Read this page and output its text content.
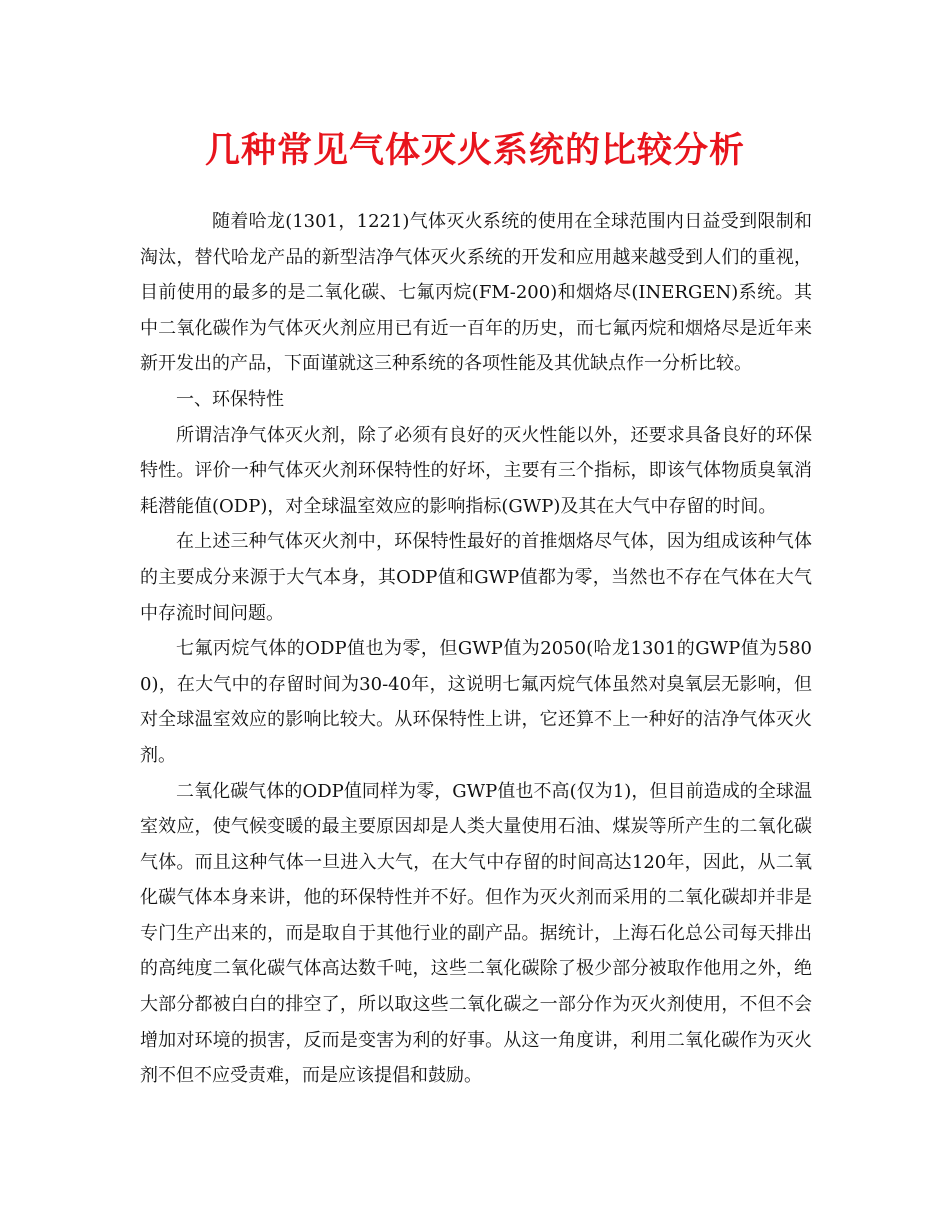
几种常见气体灭火系统的比较分析

随着哈龙(1301，1221)气体灭火系统的使用在全球范围内日益受到限制和淘汰，替代哈龙产品的新型洁净气体灭火系统的开发和应用越来越受到人们的重视，目前使用的最多的是二氧化碳、七氟丙烷(FM-200)和烟烙尽(INERGEN)系统。其中二氧化碳作为气体灭火剂应用已有近一百年的历史，而七氟丙烷和烟烙尽是近年来新开发出的产品，下面谨就这三种系统的各项性能及其优缺点作一分析比较。

一、环保特性

所谓洁净气体灭火剂，除了必须有良好的灭火性能以外，还要求具备良好的环保特性。评价一种气体灭火剂环保特性的好坏，主要有三个指标，即该气体物质臭氧消耗潜能值(ODP)，对全球温室效应的影响指标(GWP)及其在大气中存留的时间。

在上述三种气体灭火剂中，环保特性最好的首推烟烙尽气体，因为组成该种气体的主要成分来源于大气本身，其ODP值和GWP值都为零，当然也不存在气体在大气中存流时间问题。

七氟丙烷气体的ODP值也为零，但GWP值为2050(哈龙1301的GWP值为5800)，在大气中的存留时间为30-40年，这说明七氟丙烷气体虽然对臭氧层无影响，但对全球温室效应的影响比较大。从环保特性上讲，它还算不上一种好的洁净气体灭火剂。

二氧化碳气体的ODP值同样为零，GWP值也不高(仅为1)，但目前造成的全球温室效应，使气候变暖的最主要原因却是人类大量使用石油、煤炭等所产生的二氧化碳气体。而且这种气体一旦进入大气，在大气中存留的时间高达120年，因此，从二氧化碳气体本身来讲，他的环保特性并不好。但作为灭火剂而采用的二氧化碳却并非是专门生产出来的，而是取自于其他行业的副产品。据统计，上海石化总公司每天排出的高纯度二氧化碳气体高达数千吨，这些二氧化碳除了极少部分被取作他用之外，绝大部分都被白白的排空了，所以取这些二氧化碳之一部分作为灭火剂使用，不但不会增加对环境的损害，反而是变害为利的好事。从这一角度讲，利用二氧化碳作为灭火剂不但不应受责难，而是应该提倡和鼓励。
